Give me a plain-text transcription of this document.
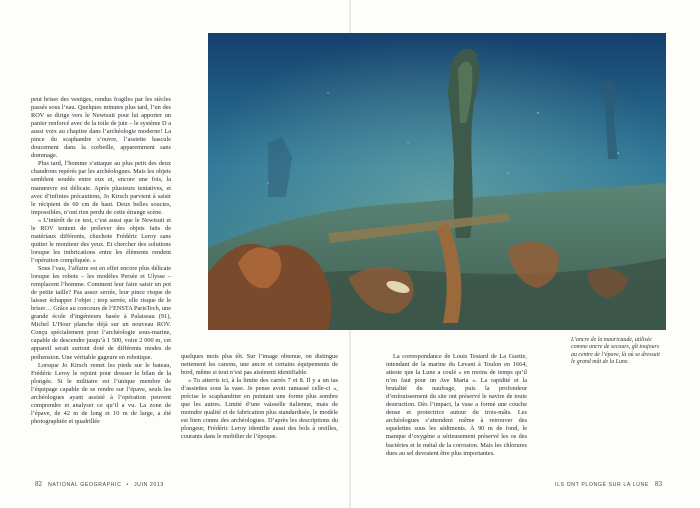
peut briser des vestiges, rendus fragiles par les siècles passés sous l’eau. Quelques minutes plus tard, l’un des ROV se dirige vers le Newtsuit pour lui apporter un panier renforcé avec de la toile de jute – le système D a aussi voix au chapitre dans l’archéologie moderne! La pince du scaphandre s’ouvre, l’assiette bascule doucement dans la corbeille, apparemment sans dommage.

Plus tard, l’homme s’attaque au plus petit des deux chaudrons repérés par les archéologues. Mais les objets semblent soudés entre eux et, encore une fois, la manœuvre est délicate. Après plusieurs tentatives, et avec d’infinies précautions, Jo Kirsch parvient à saisir le récipient de 60 cm de haut. Deux belles soucies, impossibles, n’ont rien perdu de cette étrange scène.

« L’intérêt de ce test, c’est aussi que le Newtsuit et le ROV tentent de prélever des objets faits de matériaux différents, chuchote Frédéric Leroy sans quitter le moniteur des yeux. Et chercher des solutions lorsque les imbrications entre les éléments rendent l’opération compliquée. »

Sous l’eau, l’affaire est en effet encore plus délicate lorsque les robots – les modèles Persée et Ulysse – remplacent l’homme. Comment leur faire saisir un pot de petite taille? Pas assez serrée, leur pince risque de laisser échapper l’objet ; trop serrée, elle risque de le briser… Grâce au concours de l’ENSTA ParisTech, une grande école d’ingénieurs basée à Palaiseau (91), Michel L’Hour planche déjà sur un nouveau ROV. Conçu spécialement pour l’archéologie sous-marine, capable de descendre jusqu’à 1 500, voire 2 000 m, cet appareil serait surtout doté de différents modes de préhension. Une véritable gageure en robotique.

Lorsque Jo Kirsch remet les pieds sur le bateau, Frédéric Leroy le rejoint pour dresser le bilan de la plongée. Si le militaire est l’unique membre de l’équipage capable de se rendre sur l’épave, seuls les archéologues ayant assisté à l’opération peuvent comprendre et analyser ce qu’il a vu. La zone de l’épave, de 42 m de long et 10 m de large, a été photographiée et quadrillée

quelques mois plus tôt. Sur l’image obtenue, on distingue nettement les canons, une ancre et certains équipements de bord, même si tout n’est pas aisément identifiable.

« Tu atterris ici, à la limite des carrés 7 et 8. Il y a un tas d’assiettes sous la vase. Je pense avoir ramassé celle-ci », précise le scaphandrier en pointant une forme plus sombre que les autres. Limité d’une vaisselle italienne, mais de moindre qualité et de fabrication plus standardisée, le modèle est bien connu des archéologues. D’après les descriptions du plongeur, Frédéric Leroy identifie aussi des bols à oreilles, courants dans le mobilier de l’époque.

La correspondance de Louis Testard de La Guette, intendant de la marine du Levant à Toulon en 1664, atteste que la Lune a coulé « en moins de temps qu’il n’en faut pour un Ave Maria ». La rapidité et la brutalité du naufrage, puis la profondeur d’enfouissement du site ont préservé le navire de toute destruction. Dès l’impact, la vase a formé une couche dense et protectrice autour du trois-mâts. Les archéologues s’attendent même à retrouver des squelettes sous les sédiments. À 90 m de fond, le manque d’oxygène a sérieusement préservé les os des bactéries et le métal de la corrosion. Mais les chlorures dues au sel devraient être plus importantes.

L’ancre de la mauricaude, utilisée comme ancre de secours, gît toujours au centre de l’épave, là où se dressait le grand mât de la Lune.
82 NATIONAL GEOGRAPHIC • JUIN 2013	ILS ONT PLONGÉ SUR LA LUNE 83
